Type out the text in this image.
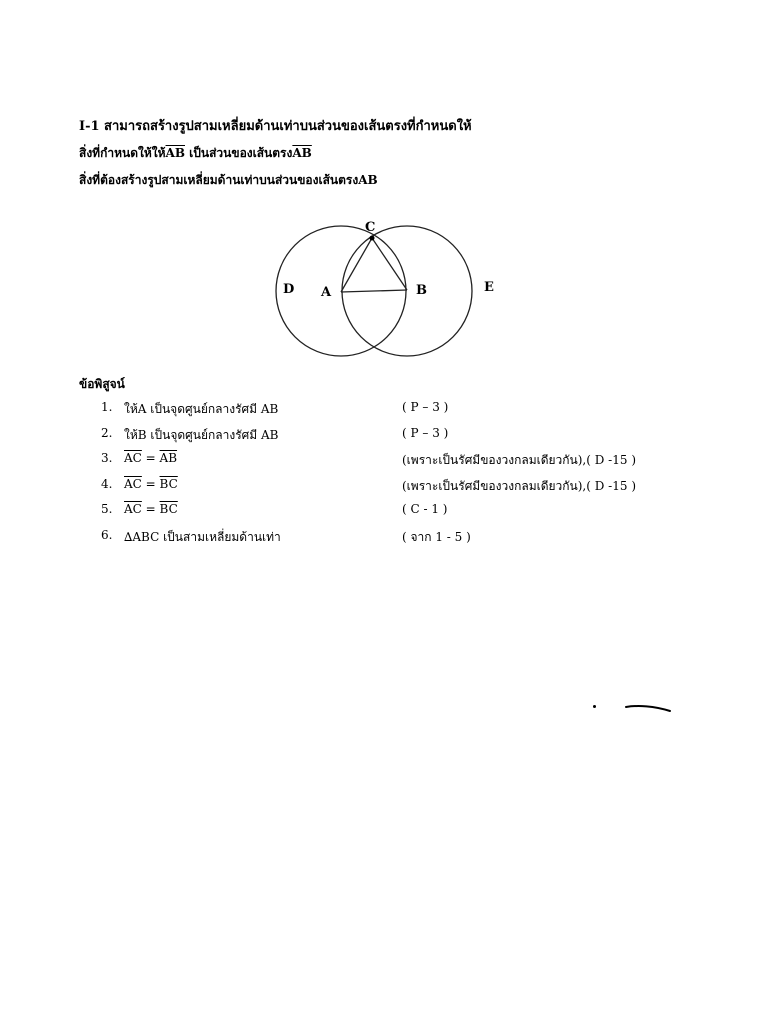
I-1 สามารถสร้างรูปสามเหลี่ยมด้านเท่าบนส่วนของเส้นตรงที่กำหนดให้
สิ่งที่กำหนดให้ให้$\overline{AB}$ เป็นส่วนของเส้นตรง$\overline{AB}$
สิ่งที่ต้องสร้างรูปสามเหลี่ยมด้านเท่าบนส่วนของเส้นตรงAB
C
D A	B	E
ข้อพิสูจน์
1. ให้A เป็นจุดศูนย์กลางรัศมี AB	( P – 3 )
2. ให้B เป็นจุดศูนย์กลางรัศมี AB	( P – 3 )
3. $\overline{AC} = \overline{AB}$	(เพราะเป็นรัศมีของวงกลมเดียวกัน),( D -15 )
4. $\overline{AC} = \overline{BC}$	(เพราะเป็นรัศมีของวงกลมเดียวกัน),( D -15 )
5. $\overline{AC} = \overline{BC}$	( C - 1 )
6. ∆ABC เป็นสามเหลี่ยมด้านเท่า	( จาก 1 - 5 )
